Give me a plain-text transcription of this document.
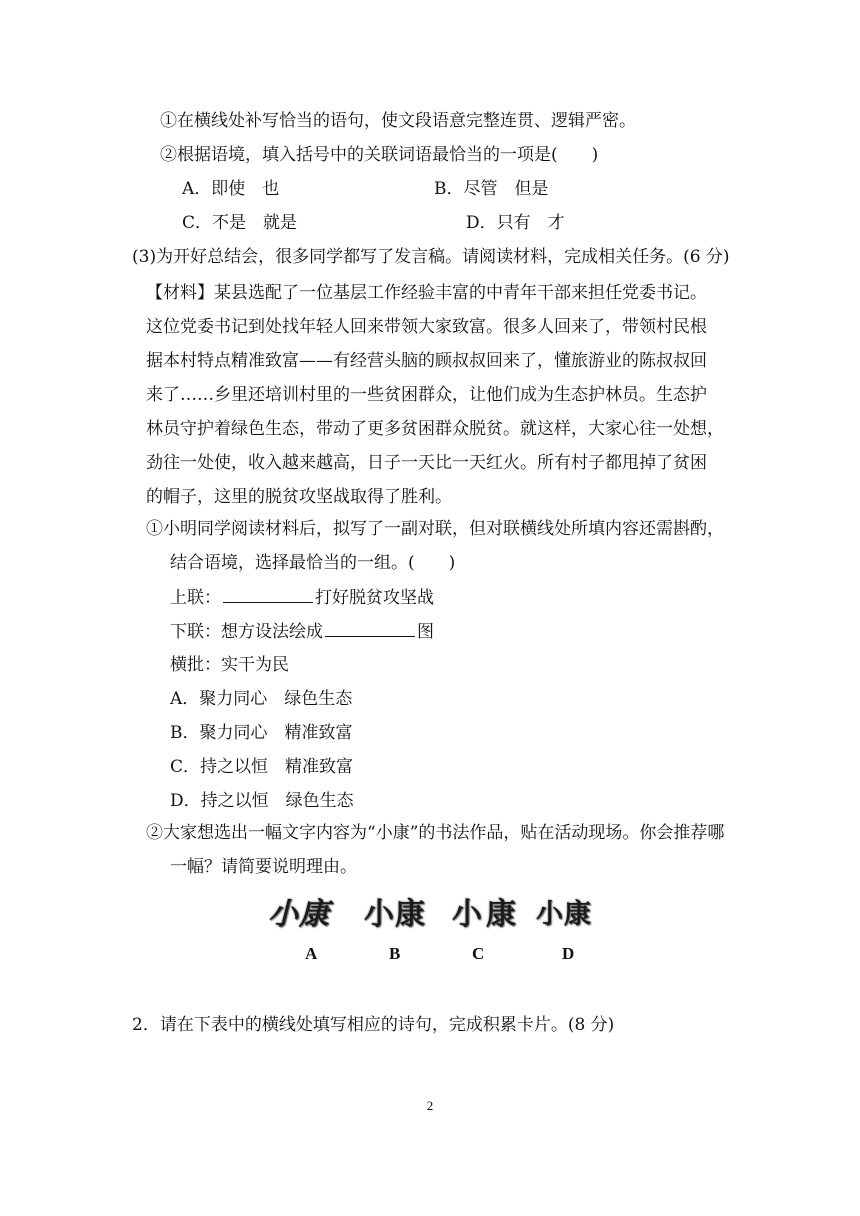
①在横线处补写恰当的语句，使文段语意完整连贯、逻辑严密。
②根据语境，填入括号中的关联词语最恰当的一项是(　　)
A．即使　也	B．尽管　但是
C．不是　就是	D．只有　才
(3)为开好总结会，很多同学都写了发言稿。请阅读材料，完成相关任务。(6 分)
【材料】某县选配了一位基层工作经验丰富的中青年干部来担任党委书记。
这位党委书记到处找年轻人回来带领大家致富。很多人回来了，带领村民根
据本村特点精准致富——有经营头脑的顾叔叔回来了，懂旅游业的陈叔叔回
来了……乡里还培训村里的一些贫困群众，让他们成为生态护林员。生态护
林员守护着绿色生态，带动了更多贫困群众脱贫。就这样，大家心往一处想，
劲往一处使，收入越来越高，日子一天比一天红火。所有村子都甩掉了贫困
的帽子，这里的脱贫攻坚战取得了胜利。
①小明同学阅读材料后，拟写了一副对联，但对联横线处所填内容还需斟酌，
结合语境，选择最恰当的一组。(　　)
上联：	打好脱贫攻坚战
下联：想方设法绘成	图
横批：实干为民
A．聚力同心　绿色生态
B．聚力同心　精准致富
C．持之以恒　精准致富
D．持之以恒　绿色生态
②大家想选出一幅文字内容为“小康”的书法作品，贴在活动现场。你会推荐哪
一幅？请简要说明理由。
小康 小康 小康 小康
A	B	C	D
2．请在下表中的横线处填写相应的诗句，完成积累卡片。(8 分)
2
